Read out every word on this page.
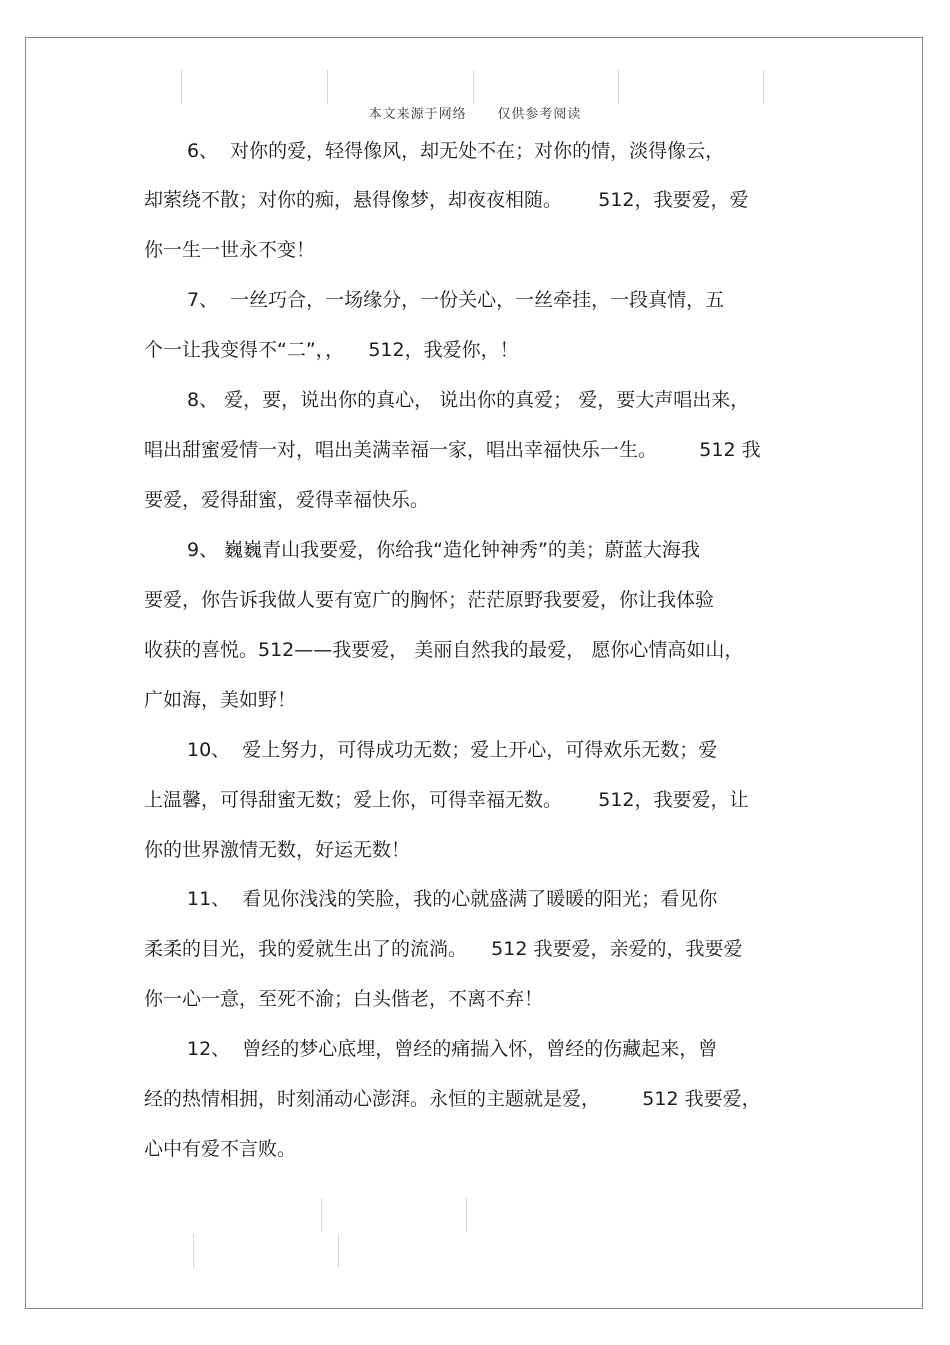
本文来源于网络      仅供参考阅读
6、  对你的爱，轻得像风，却无处不在；对你的情，淡得像云，
却萦绕不散；对你的痴，悬得像梦，却夜夜相随。      512，我要爱，爱
你一生一世永不变！
7、  一丝巧合，一场缘分，一份关心，一丝牵挂，一段真情，五
个一让我变得不“二”，，    512，我爱你，！
8、 爱，要，说出你的真心， 说出你的真爱； 爱，要大声唱出来，
唱出甜蜜爱情一对，唱出美满幸福一家，唱出幸福快乐一生。       512 我
要爱，爱得甜蜜，爱得幸福快乐。
9、 巍巍青山我要爱，你给我“造化钟神秀”的美；蔚蓝大海我
要爱，你告诉我做人要有宽广的胸怀；茫茫原野我要爱，你让我体验
收获的喜悦。512——我要爱， 美丽自然我的最爱， 愿你心情高如山，
广如海，美如野！
10、  爱上努力，可得成功无数；爱上开心，可得欢乐无数；爱
上温馨，可得甜蜜无数；爱上你，可得幸福无数。      512，我要爱，让
你的世界激情无数，好运无数！
11、  看见你浅浅的笑脸，我的心就盛满了暖暖的阳光；看见你
柔柔的目光，我的爱就生出了的流淌。    512 我要爱，亲爱的，我要爱
你一心一意，至死不渝；白头偕老，不离不弃！
12、  曾经的梦心底埋，曾经的痛揣入怀，曾经的伤藏起来，曾
经的热情相拥，时刻涌动心澎湃。永恒的主题就是爱，       512 我要爱，
心中有爱不言败。
